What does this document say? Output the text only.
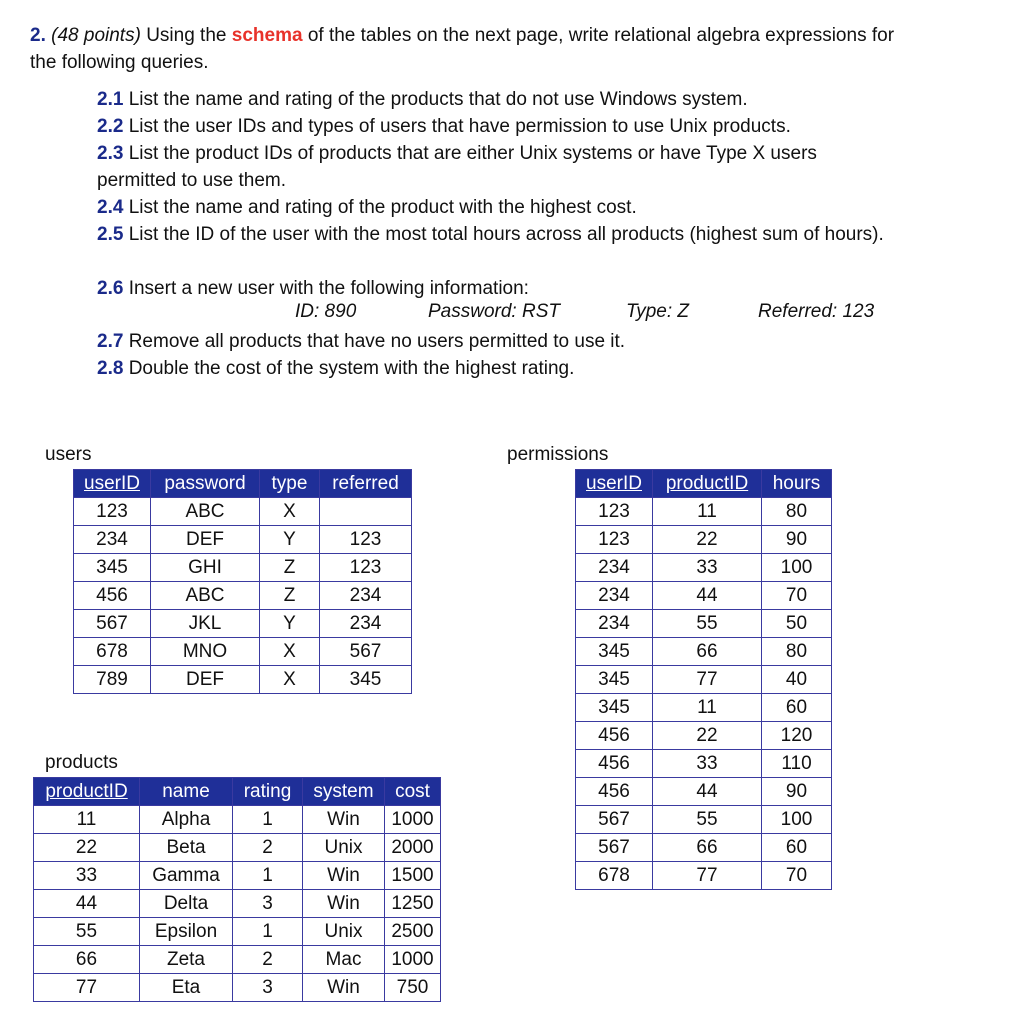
2. (48 points) Using the schema of the tables on the next page, write relational algebra expressions for the following queries.
2.1 List the name and rating of the products that do not use Windows system.
2.2 List the user IDs and types of users that have permission to use Unix products.
2.3 List the product IDs of products that are either Unix systems or have Type X users permitted to use them.
2.4 List the name and rating of the product with the highest cost.
2.5 List the ID of the user with the most total hours across all products (highest sum of hours).
2.6 Insert a new user with the following information:
ID: 890	Password: RST	Type: Z	Referred: 123
2.7 Remove all products that have no users permitted to use it.
2.8 Double the cost of the system with the highest rating.
users	permissions
products
userID	password	type	referred
123	ABC	X	
234	DEF	Y	123
345	GHI	Z	123
456	ABC	Z	234
567	JKL	Y	234
678	MNO	X	567
789	DEF	X	345
userID	productID	hours
123	11	80
123	22	90
234	33	100
234	44	70
234	55	50
345	66	80
345	77	40
345	11	60
456	22	120
456	33	110
456	44	90
567	55	100
567	66	60
678	77	70
productID	name	rating	system	cost
11	Alpha	1	Win	1000
22	Beta	2	Unix	2000
33	Gamma	1	Win	1500
44	Delta	3	Win	1250
55	Epsilon	1	Unix	2500
66	Zeta	2	Mac	1000
77	Eta	3	Win	750
